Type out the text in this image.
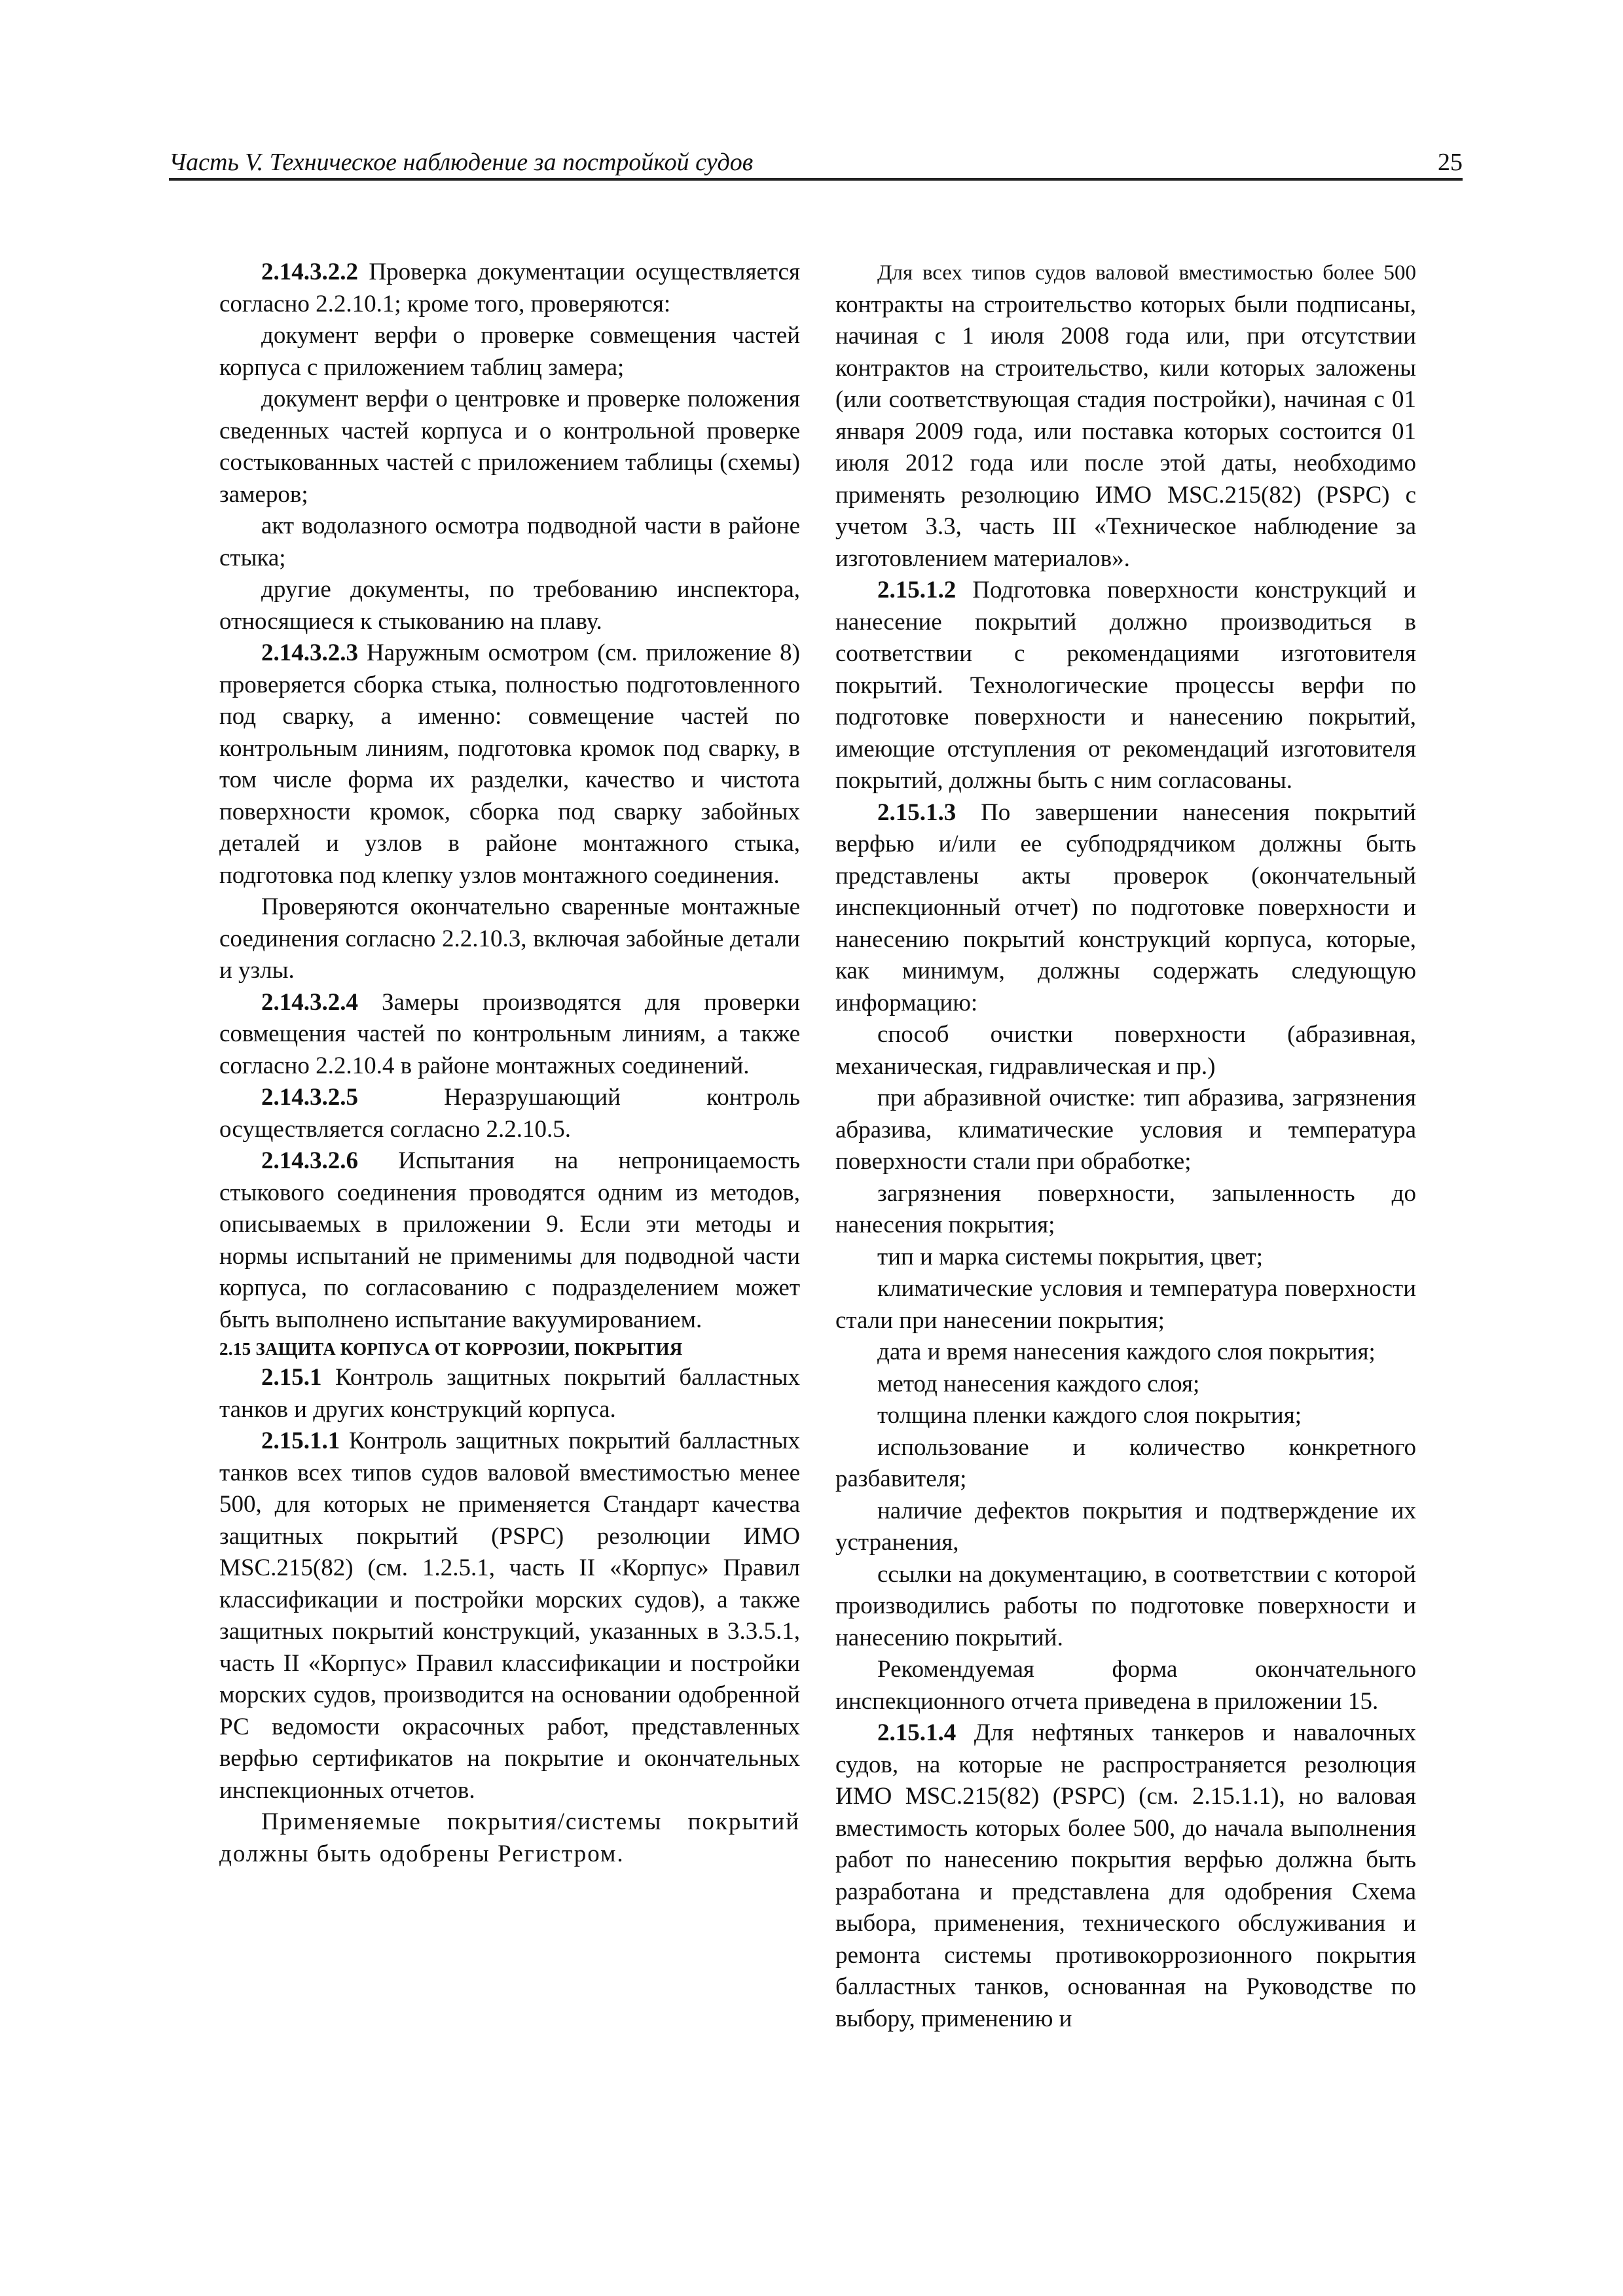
Часть V. Техническое наблюдение за постройкой судов	25

2.14.3.2.2 Проверка документации осуществляется согласно 2.2.10.1; кроме того, проверяются:

документ верфи о проверке совмещения частей корпуса с приложением таблиц замера;

документ верфи о центровке и проверке положения сведенных частей корпуса и о контрольной проверке состыкованных частей с приложением таблицы (схемы) замеров;

акт водолазного осмотра подводной части в районе стыка;

другие документы, по требованию инспектора, относящиеся к стыкованию на плаву.

2.14.3.2.3 Наружным осмотром (см. приложение 8) проверяется сборка стыка, полностью подготовленного под сварку, а именно: совмещение частей по контрольным линиям, подготовка кромок под сварку, в том числе форма их разделки, качество и чистота поверхности кромок, сборка под сварку забойных деталей и узлов в районе монтажного стыка, подготовка под клепку узлов монтажного соединения.

Проверяются окончательно сваренные монтажные соединения согласно 2.2.10.3, включая забойные детали и узлы.

2.14.3.2.4 Замеры производятся для проверки совмещения частей по контрольным линиям, а также согласно 2.2.10.4 в районе монтажных соединений.

2.14.3.2.5 Неразрушающий контроль осуществляется согласно 2.2.10.5.

2.14.3.2.6 Испытания на непроницаемость стыкового соединения проводятся одним из методов, описываемых в приложении 9. Если эти методы и нормы испытаний не применимы для подводной части корпуса, по согласованию с подразделением может быть выполнено испытание вакуумированием.

2.15 ЗАЩИТА КОРПУСА ОТ КОРРОЗИИ, ПОКРЫТИЯ

2.15.1 Контроль защитных покрытий балластных танков и других конструкций корпуса.

2.15.1.1 Контроль защитных покрытий балластных танков всех типов судов валовой вместимостью менее 500, для которых не применяется Стандарт качества защитных покрытий (PSPC) резолюции ИМО MSC.215(82) (см. 1.2.5.1, часть II «Корпус» Правил классификации и постройки морских судов), а также защитных покрытий конструкций, указанных в 3.3.5.1, часть II «Корпус» Правил классификации и постройки морских судов, производится на основании одобренной РС ведомости окрасочных работ, представленных верфью сертификатов на покрытие и окончательных инспекционных отчетов.

Применяемые покрытия/системы покрытий должны быть одобрены Регистром.

Для всех типов судов валовой вместимостью более 500 контракты на строительство которых были подписаны, начиная с 1 июля 2008 года или, при отсутствии контрактов на строительство, кили которых заложены (или соответствующая стадия постройки), начиная с 01 января 2009 года, или поставка которых состоится 01 июля 2012 года или после этой даты, необходимо применять резолюцию ИМО MSC.215(82) (PSPC) с учетом 3.3, часть III «Техническое наблюдение за изготовлением материалов».

2.15.1.2 Подготовка поверхности конструкций и нанесение покрытий должно производиться в соответствии с рекомендациями изготовителя покрытий. Технологические процессы верфи по подготовке поверхности и нанесению покрытий, имеющие отступления от рекомендаций изготовителя покрытий, должны быть с ним согласованы.

2.15.1.3 По завершении нанесения покрытий верфью и/или ее субподрядчиком должны быть представлены акты проверок (окончательный инспекционный отчет) по подготовке поверхности и нанесению покрытий конструкций корпуса, которые, как минимум, должны содержать следующую информацию:

способ очистки поверхности (абразивная, механическая, гидравлическая и пр.)

при абразивной очистке: тип абразива, загрязнения абразива, климатические условия и температура поверхности стали при обработке;

загрязнения поверхности, запыленность до нанесения покрытия;

тип и марка системы покрытия, цвет;

климатические условия и температура поверхности стали при нанесении покрытия;

дата и время нанесения каждого слоя покрытия;

метод нанесения каждого слоя;

толщина пленки каждого слоя покрытия;

использование и количество конкретного разбавителя;

наличие дефектов покрытия и подтверждение их устранения,

ссылки на документацию, в соответствии с которой производились работы по подготовке поверхности и нанесению покрытий.

Рекомендуемая форма окончательного инспекционного отчета приведена в приложении 15.

2.15.1.4 Для нефтяных танкеров и навалочных судов, на которые не распространяется резолюция ИМО MSC.215(82) (PSPC) (см. 2.15.1.1), но валовая вместимость которых более 500, до начала выполнения работ по нанесению покрытия верфью должна быть разработана и представлена для одобрения Схема выбора, применения, технического обслуживания и ремонта системы противокоррозионного покрытия балластных танков, основанная на Руководстве по выбору, применению и
